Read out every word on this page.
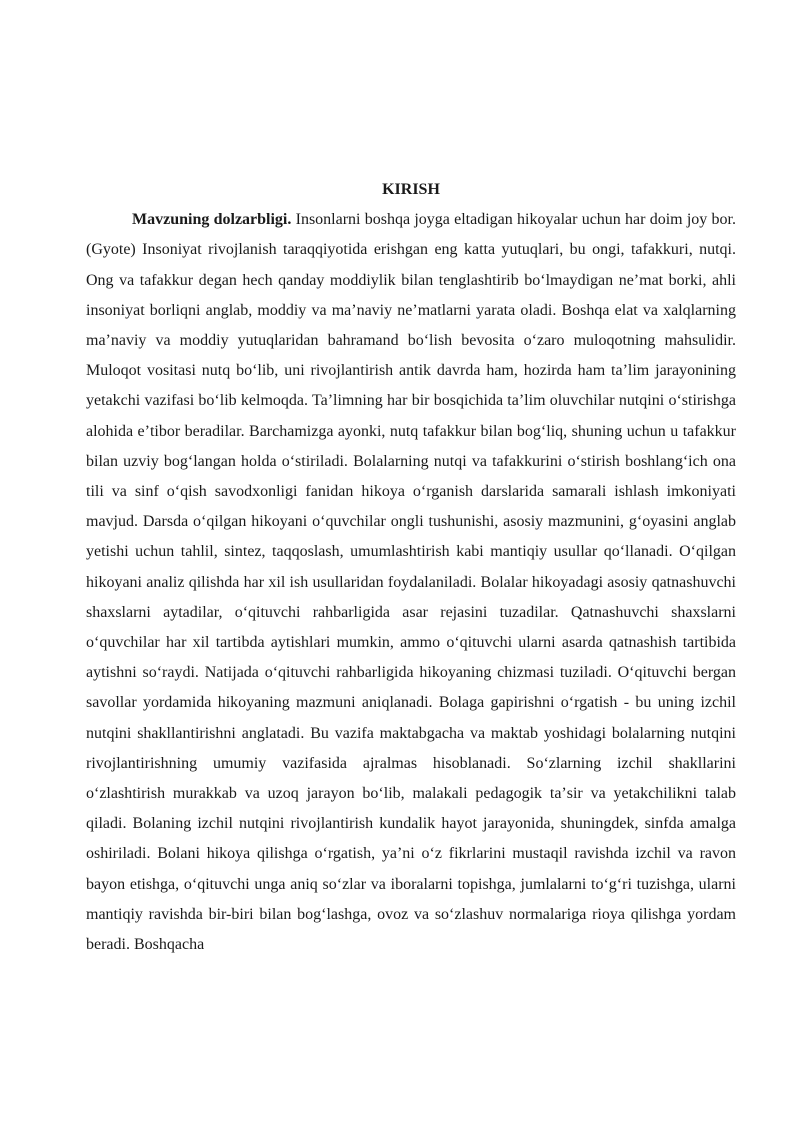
KIRISH

Mavzuning dolzarbligi. Insonlarni boshqa joyga eltadigan hikoyalar uchun har doim joy bor. (Gyote) Insoniyat rivojlanish taraqqiyotida erishgan eng katta yutuqlari, bu ongi, tafakkuri, nutqi. Ong va tafakkur degan hech qanday moddiylik bilan tenglashtirib boʻlmaydigan neʼmat borki, ahli insoniyat borliqni anglab, moddiy va maʼnaviy neʼmatlarni yarata oladi. Boshqa elat va xalqlarning maʼnaviy va moddiy yutuqlaridan bahramand boʻlish bevosita oʻzaro muloqotning mahsulidir. Muloqot vositasi nutq boʻlib, uni rivojlantirish antik davrda ham, hozirda ham taʼlim jarayonining yetakchi vazifasi boʻlib kelmoqda. Taʼlimning har bir bosqichida taʼlim oluvchilar nutqini oʻstirishga alohida eʼtibor beradilar. Barchamizga ayonki, nutq tafakkur bilan bogʻliq, shuning uchun u tafakkur bilan uzviy bogʻlangan holda oʻstiriladi. Bolalarning nutqi va tafakkurini oʻstirish boshlangʻich ona tili va sinf oʻqish savodxonligi fanidan hikoya oʻrganish darslarida samarali ishlash imkoniyati mavjud. Darsda oʻqilgan hikoyani oʻquvchilar ongli tushunishi, asosiy mazmunini, gʻoyasini anglab yetishi uchun tahlil, sintez, taqqoslash, umumlashtirish kabi mantiqiy usullar qoʻllanadi. Oʻqilgan hikoyani analiz qilishda har xil ish usullaridan foydalaniladi. Bolalar hikoyadagi asosiy qatnashuvchi shaxslarni aytadilar, oʻqituvchi rahbarligida asar rejasini tuzadilar. Qatnashuvchi shaxslarni oʻquvchilar har xil tartibda aytishlari mumkin, ammo oʻqituvchi ularni asarda qatnashish tartibida aytishni soʻraydi. Natijada oʻqituvchi rahbarligida hikoyaning chizmasi tuziladi. Oʻqituvchi bergan savollar yordamida hikoyaning mazmuni aniqlanadi. Bolaga gapirishni oʻrgatish - bu uning izchil nutqini shakllantirishni anglatadi. Bu vazifa maktabgacha va maktab yoshidagi bolalarning nutqini rivojlantirishning umumiy vazifasida ajralmas hisoblanadi. Soʻzlarning izchil shakllarini oʻzlashtirish murakkab va uzoq jarayon boʻlib, malakali pedagogik taʼsir va yetakchilikni talab qiladi. Bolaning izchil nutqini rivojlantirish kundalik hayot jarayonida, shuningdek, sinfda amalga oshiriladi. Bolani hikoya qilishga oʻrgatish, yaʼni oʻz fikrlarini mustaqil ravishda izchil va ravon bayon etishga, oʻqituvchi unga aniq soʻzlar va iboralarni topishga, jumlalarni toʻgʻri tuzishga, ularni mantiqiy ravishda bir-biri bilan bogʻlashga, ovoz va soʻzlashuv normalariga rioya qilishga yordam beradi. Boshqacha
